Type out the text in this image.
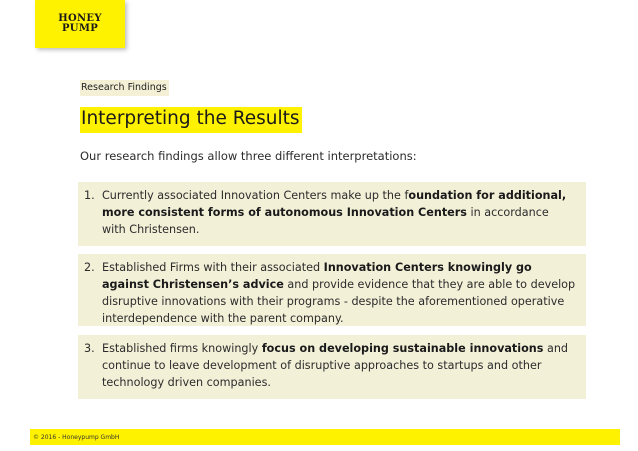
HONEY
PUMP
Research Findings
Interpreting the Results
Our research findings allow three different interpretations:
1. Currently associated Innovation Centers make up the foundation for additional, more consistent forms of autonomous Innovation Centers in accordance with Christensen.
2. Established Firms with their associated Innovation Centers knowingly go against Christensen’s advice and provide evidence that they are able to develop disruptive innovations with their programs - despite the aforementioned operative interdependence with the parent company.
3. Established firms knowingly focus on developing sustainable innovations and continue to leave development of disruptive approaches to startups and other technology driven companies.
© 2016 - Honeypump GmbH
